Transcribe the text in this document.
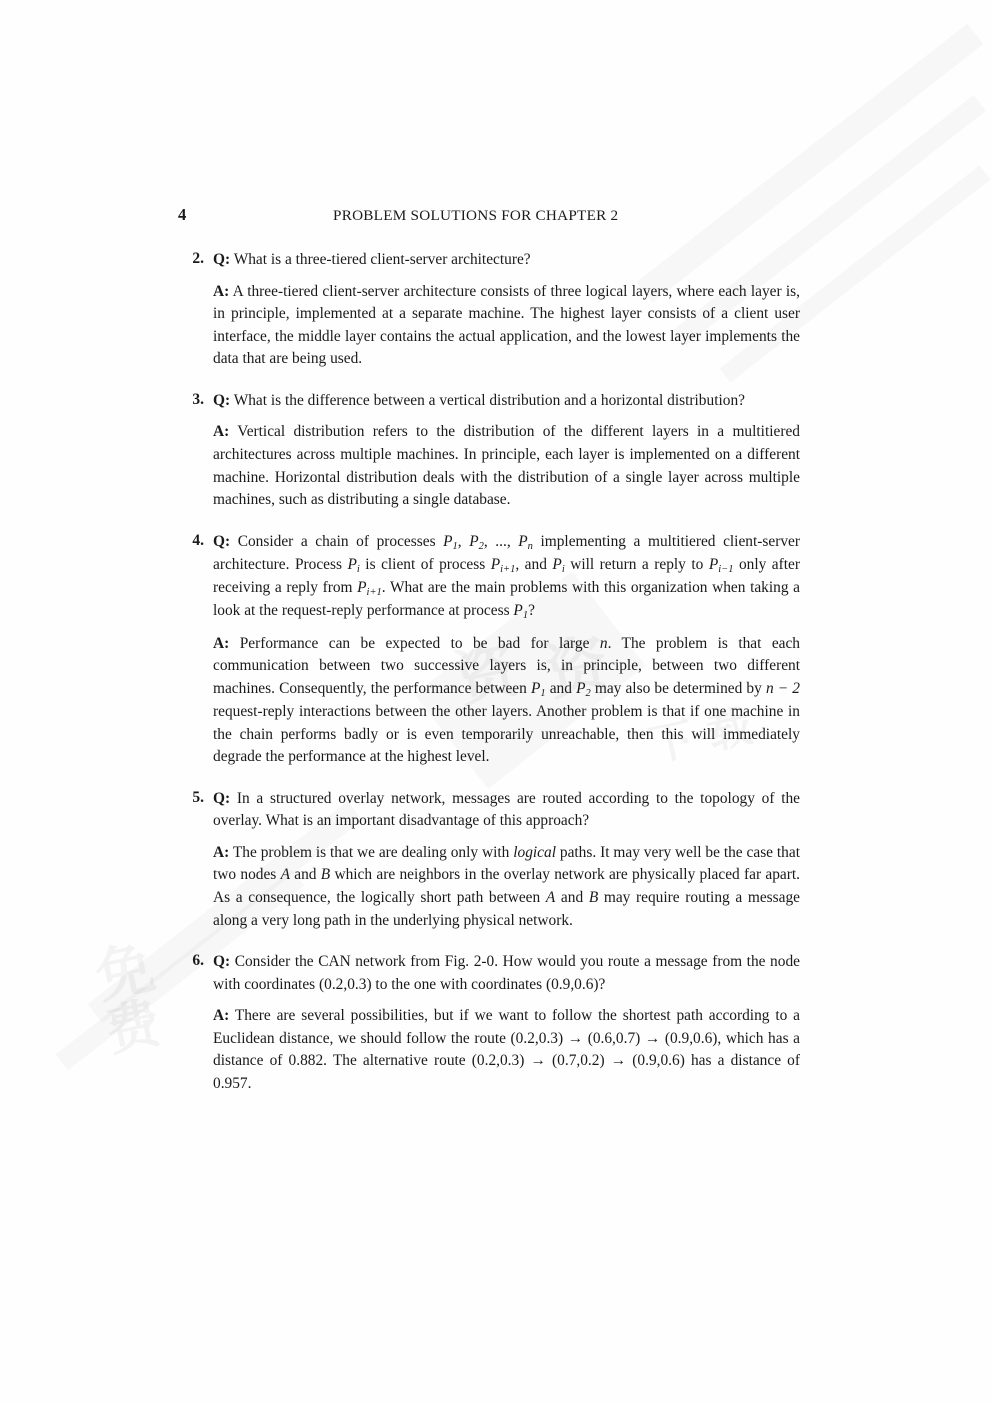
4	PROBLEM SOLUTIONS FOR CHAPTER 2
2. Q: What is a three-tiered client-server architecture?

A: A three-tiered client-server architecture consists of three logical layers, where each layer is, in principle, implemented at a separate machine. The highest layer consists of a client user interface, the middle layer contains the actual application, and the lowest layer implements the data that are being used.

3. Q: What is the difference between a vertical distribution and a horizontal distribution?

A: Vertical distribution refers to the distribution of the different layers in a multitiered architectures across multiple machines. In principle, each layer is implemented on a different machine. Horizontal distribution deals with the distribution of a single layer across multiple machines, such as distributing a single database.

4. Q: Consider a chain of processes $P_1$, $P_2$, ..., $P_n$ implementing a multitiered client-server architecture. Process $P_i$ is client of process $P_{i+1}$, and $P_i$ will return a reply to $P_{i-1}$ only after receiving a reply from $P_{i+1}$. What are the main problems with this organization when taking a look at the request-reply performance at process $P_1$?

A: Performance can be expected to be bad for large n. The problem is that each communication between two successive layers is, in principle, between two different machines. Consequently, the performance between $P_1$ and $P_2$ may also be determined by n − 2 request-reply interactions between the other layers. Another problem is that if one machine in the chain performs badly or is even temporarily unreachable, then this will immediately degrade the performance at the highest level.

5. Q: In a structured overlay network, messages are routed according to the topology of the overlay. What is an important disadvantage of this approach?

A: The problem is that we are dealing only with logical paths. It may very well be the case that two nodes A and B which are neighbors in the overlay network are physically placed far apart. As a consequence, the logically short path between A and B may require routing a message along a very long path in the underlying physical network.

6. Q: Consider the CAN network from Fig. 2-0. How would you route a message from the node with coordinates (0.2,0.3) to the one with coordinates (0.9,0.6)?

A: There are several possibilities, but if we want to follow the shortest path according to a Euclidean distance, we should follow the route (0.2,0.3) → (0.6,0.7) → (0.9,0.6), which has a distance of 0.882. The alternative route (0.2,0.3) → (0.7,0.2) → (0.9,0.6) has a distance of 0.957.
